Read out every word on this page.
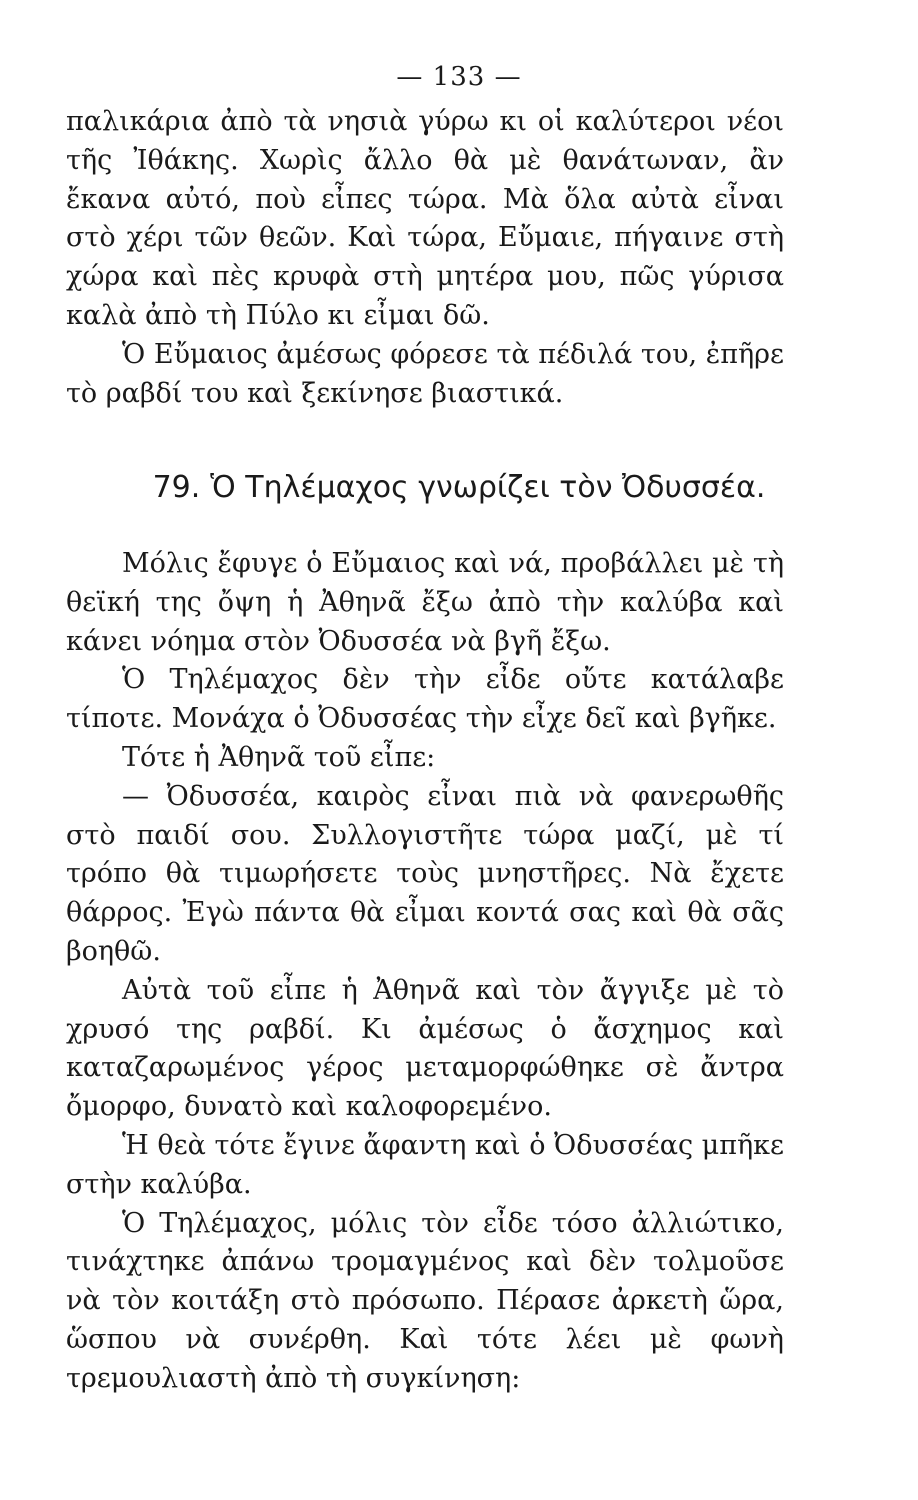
— 133 —

παλικάρια ἀπὸ τὰ νησιὰ γύρω κι οἱ καλύτεροι νέοι τῆς Ἰθάκης. Χωρὶς ἄλλο θὰ μὲ θανάτωναν, ἂν ἔκανα αὐτό, ποὺ εἶπες τώρα. Μὰ ὅλα αὐτὰ εἶναι στὸ χέρι τῶν θεῶν. Καὶ τώρα, Εὔμαιε, πήγαινε στὴ χώρα καὶ πὲς κρυφὰ στὴ μητέρα μου, πῶς γύρισα καλὰ ἀπὸ τὴ Πύλο κι εἶμαι δῶ.

Ὁ Εὔμαιος ἀμέσως φόρεσε τὰ πέδιλά του, ἐπῆρε τὸ ραβδί του καὶ ξεκίνησε βιαστικά.

79. Ὁ Τηλέμαχος γνωρίζει τὸν Ὀδυσσέα.

Μόλις ἔφυγε ὁ Εὔμαιος καὶ νά, προβάλλει μὲ τὴ θεϊκή της ὄψη ἡ Ἀθηνᾶ ἔξω ἀπὸ τὴν καλύβα καὶ κάνει νόημα στὸν Ὀδυσσέα νὰ βγῆ ἔξω.

Ὁ Τηλέμαχος δὲν τὴν εἶδε οὔτε κατάλαβε τίποτε. Μονάχα ὁ Ὀδυσσέας τὴν εἶχε δεῖ καὶ βγῆκε.

Τότε ἡ Ἀθηνᾶ τοῦ εἶπε:

— Ὀδυσσέα, καιρὸς εἶναι πιὰ νὰ φανερωθῆς στὸ παιδί σου. Συλλογιστῆτε τώρα μαζί, μὲ τί τρόπο θὰ τιμωρήσετε τοὺς μνηστῆρες. Νὰ ἔχετε θάρρος. Ἐγὼ πάντα θὰ εἶμαι κοντά σας καὶ θὰ σᾶς βοηθῶ.

Αὐτὰ τοῦ εἶπε ἡ Ἀθηνᾶ καὶ τὸν ἄγγιξε μὲ τὸ χρυσό της ραβδί. Κι ἀμέσως ὁ ἄσχημος καὶ καταζαρωμένος γέρος μεταμορφώθηκε σὲ ἄντρα ὄμορφο, δυνατὸ καὶ καλοφορεμένο.

Ἡ θεὰ τότε ἔγινε ἄφαντη καὶ ὁ Ὀδυσσέας μπῆκε στὴν καλύβα.

Ὁ Τηλέμαχος, μόλις τὸν εἶδε τόσο ἀλλιώτικο, τινάχτηκε ἀπάνω τρομαγμένος καὶ δὲν τολμοῦσε νὰ τὸν κοιτάξη στὸ πρόσωπο. Πέρασε ἀρκετὴ ὥρα, ὥσπου νὰ συνέρθη. Καὶ τότε λέει μὲ φωνὴ τρεμουλιαστὴ ἀπὸ τὴ συγκίνηση:
